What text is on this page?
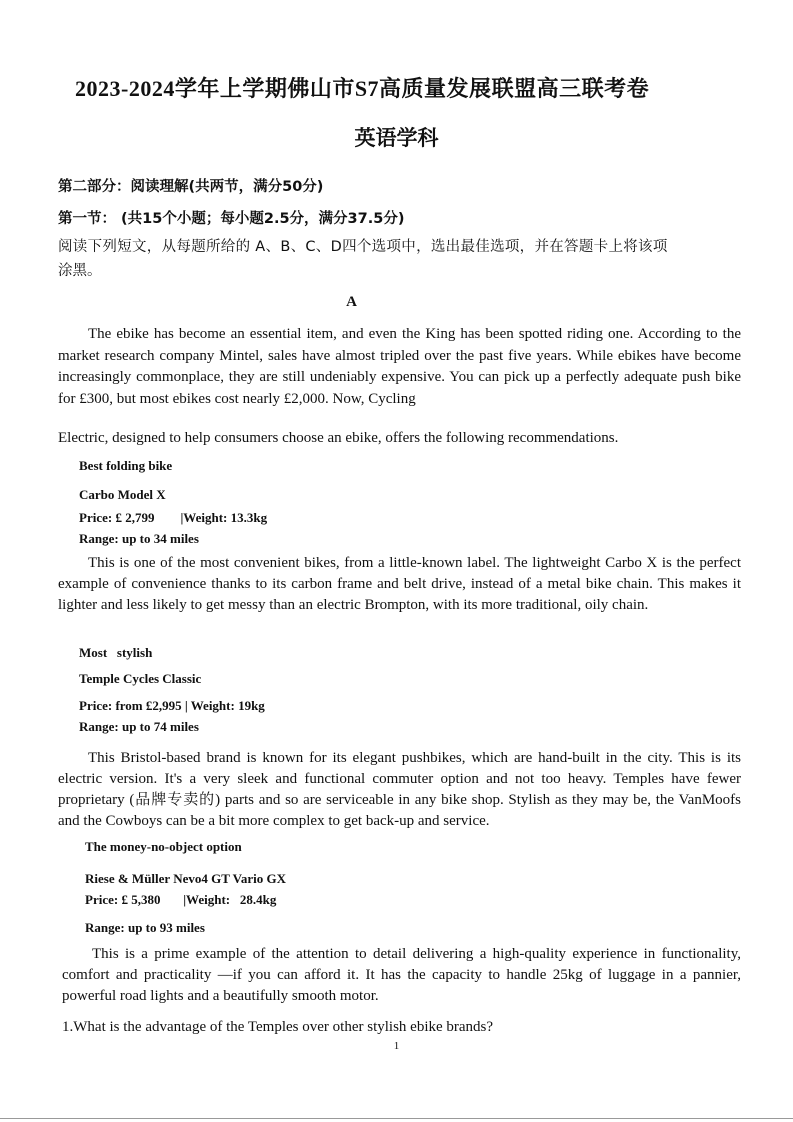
2023-2024学年上学期佛山市S7高质量发展联盟高三联考卷
英语学科
第二部分：阅读理解(共两节，满分50分)
第一节： (共15个小题；每小题2.5分，满分37.5分)
阅读下列短文，从每题所给的 A、B、C、D四个选项中，选出最佳选项，并在答题卡上将该项
涂黑。
A
The ebike has become an essential item, and even the King has been spotted riding one. According to the market research company Mintel, sales have almost tripled over the past five years. While ebikes have become increasingly commonplace, they are still undeniably expensive. You can pick up a perfectly adequate push bike for £300, but most ebikes cost nearly £2,000. Now, Cycling
Electric, designed to help consumers choose an ebike, offers the following recommendations.
Best folding bike
Carbo Model X
Price: £ 2,799        |Weight: 13.3kg
Range: up to 34 miles
This is one of the most convenient bikes, from a little-known label. The lightweight Carbo X is the perfect example of convenience thanks to its carbon frame and belt drive, instead of a metal bike chain. This makes it lighter and less likely to get messy than an electric Brompton, with its more traditional, oily chain.
Most   stylish
Temple Cycles Classic
Price: from £2,995 | Weight: 19kg
Range: up to 74 miles
This Bristol-based brand is known for its elegant pushbikes, which are hand-built in the city. This is its electric version. It's a very sleek and functional commuter option and not too heavy. Temples have fewer proprietary (品牌专卖的) parts and so are serviceable in any bike shop. Stylish as they may be, the VanMoofs and the Cowboys can be a bit more complex to get back-up and service.
The money-no-object option
Riese & Müller Nevo4 GT Vario GX
Price: £ 5,380       |Weight:   28.4kg
Range: up to 93 miles
This is a prime example of the attention to detail delivering a high-quality experience in functionality, comfort and practicality —if you can afford it. It has the capacity to handle 25kg of luggage in a pannier, powerful road lights and a beautifully smooth motor.
1.What is the advantage of the Temples over other stylish ebike brands?
1
